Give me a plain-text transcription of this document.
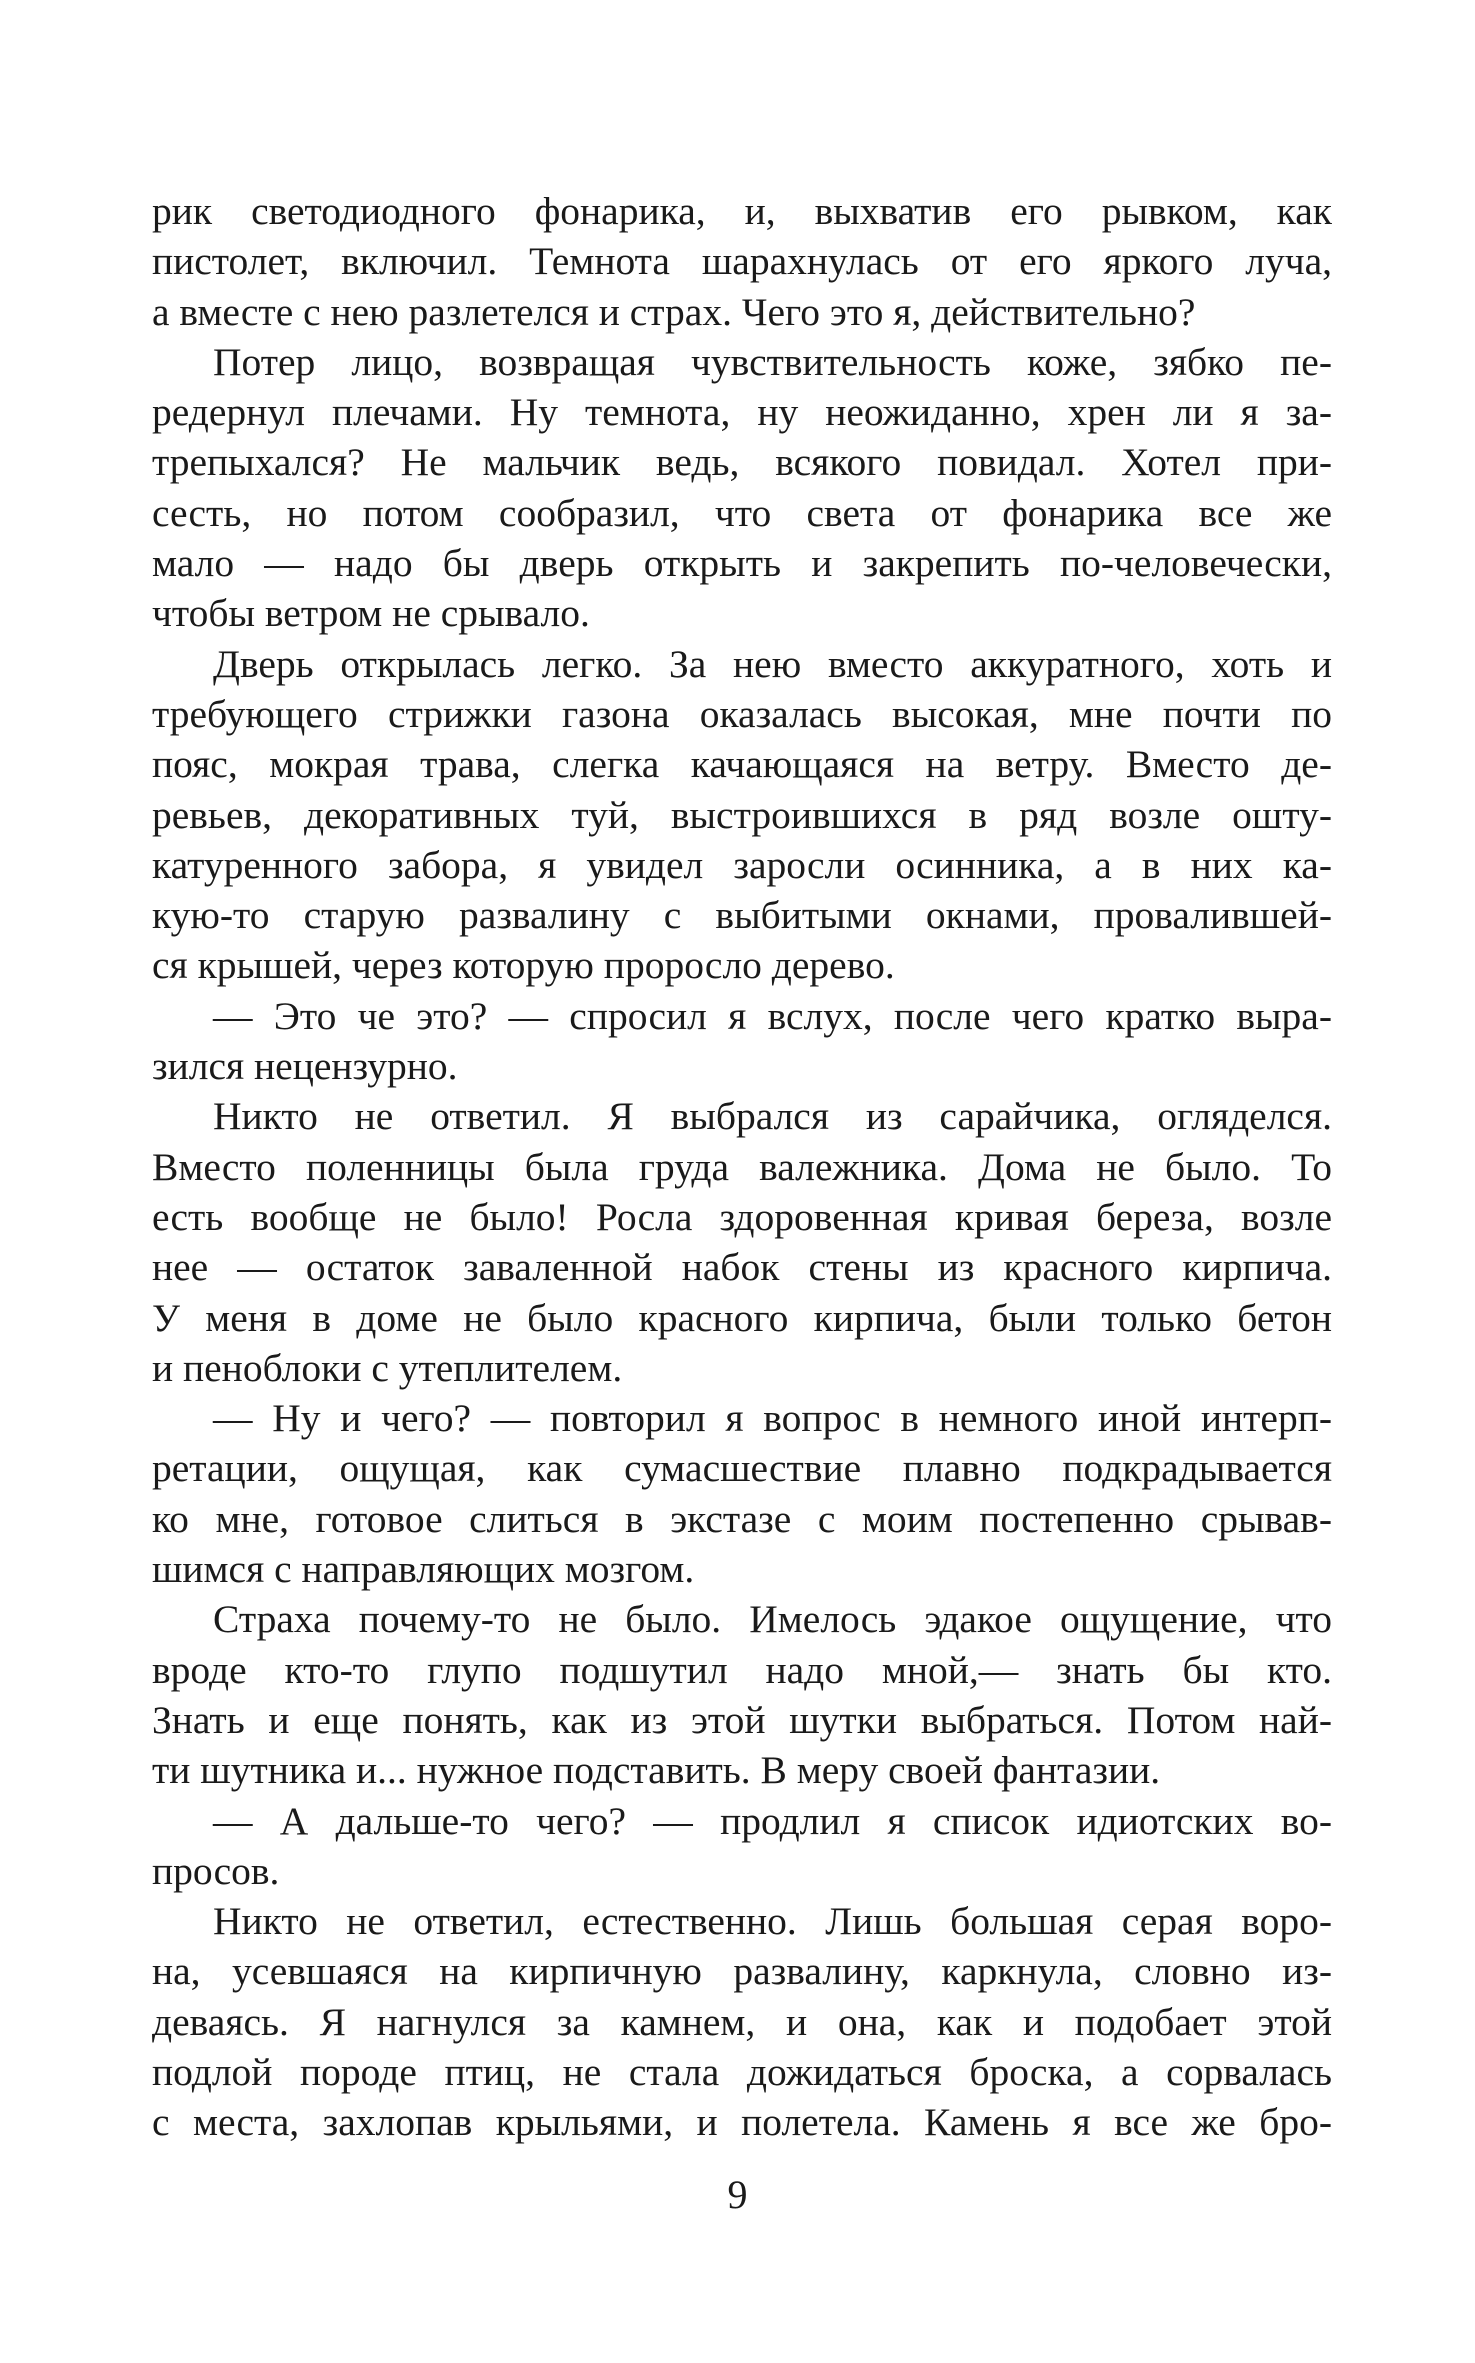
рик светодиодного фонарика, и, выхватив его рывком, как
пистолет, включил. Темнота шарахнулась от его яркого луча,
а вместе с нею разлетелся и страх. Чего это я, действительно?
Потер лицо, возвращая чувствительность коже, зябко пе-
редернул плечами. Ну темнота, ну неожиданно, хрен ли я за-
трепыхался? Не мальчик ведь, всякого повидал. Хотел при-
сесть, но потом сообразил, что света от фонарика все же
мало — надо бы дверь открыть и закрепить по-человечески,
чтобы ветром не срывало.
Дверь открылась легко. За нею вместо аккуратного, хоть и
требующего стрижки газона оказалась высокая, мне почти по
пояс, мокрая трава, слегка качающаяся на ветру. Вместо де-
ревьев, декоративных туй, выстроившихся в ряд возле ошту-
катуренного забора, я увидел заросли осинника, а в них ка-
кую-то старую развалину с выбитыми окнами, провалившей-
ся крышей, через которую проросло дерево.
— Это че это? — спросил я вслух, после чего кратко выра-
зился нецензурно.
Никто не ответил. Я выбрался из сарайчика, огляделся.
Вместо поленницы была груда валежника. Дома не было. То
есть вообще не было! Росла здоровенная кривая береза, возле
нее — остаток заваленной набок стены из красного кирпича.
У меня в доме не было красного кирпича, были только бетон
и пеноблоки с утеплителем.
— Ну и чего? — повторил я вопрос в немного иной интерп-
ретации, ощущая, как сумасшествие плавно подкрадывается
ко мне, готовое слиться в экстазе с моим постепенно срывав-
шимся с направляющих мозгом.
Страха почему-то не было. Имелось эдакое ощущение, что
вроде кто-то глупо подшутил надо мной,— знать бы кто.
Знать и еще понять, как из этой шутки выбраться. Потом най-
ти шутника и... нужное подставить. В меру своей фантазии.
— А дальше-то чего? — продлил я список идиотских во-
просов.
Никто не ответил, естественно. Лишь большая серая воро-
на, усевшаяся на кирпичную развалину, каркнула, словно из-
деваясь. Я нагнулся за камнем, и она, как и подобает этой
подлой породе птиц, не стала дожидаться броска, а сорвалась
с места, захлопав крыльями, и полетела. Камень я все же бро-
9
